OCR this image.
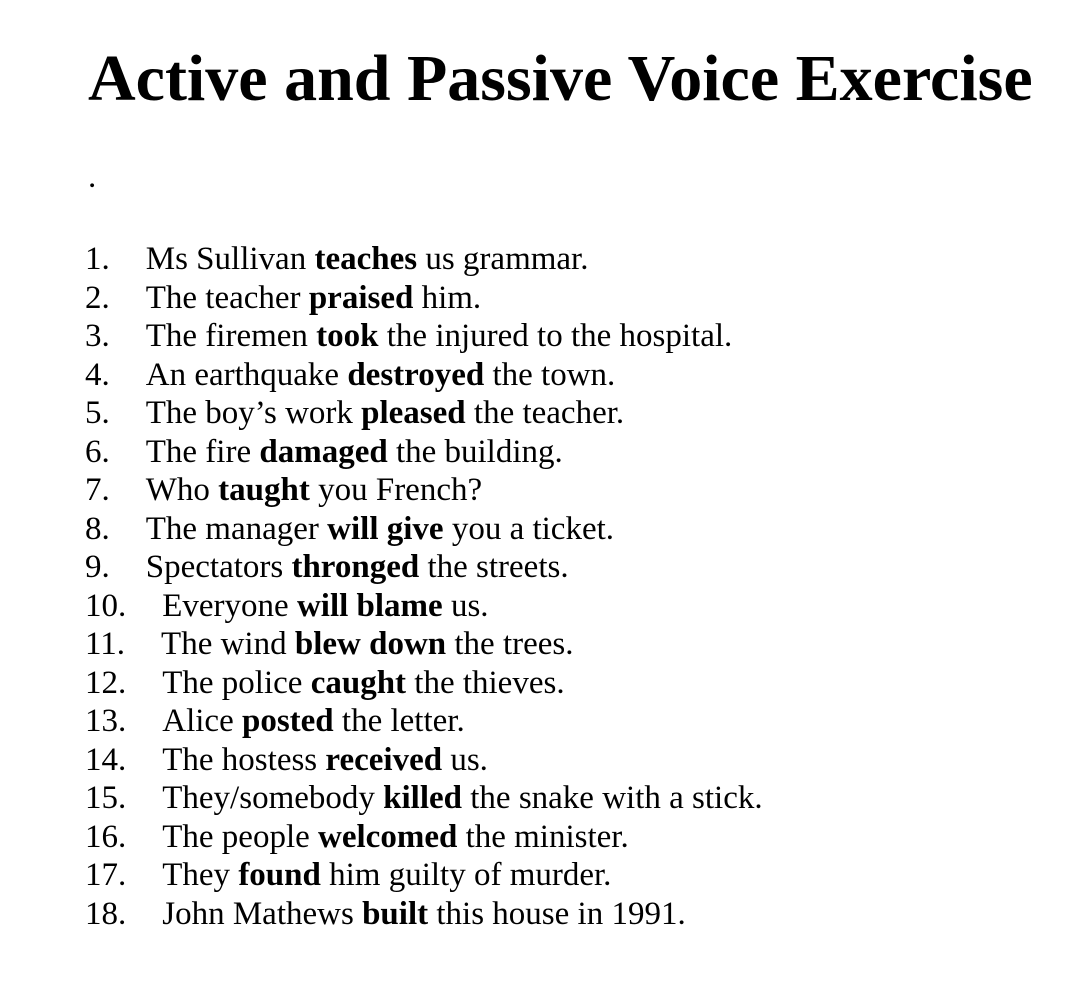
Active and Passive Voice Exercise
.
1. Ms Sullivan teaches us grammar.
2. The teacher praised him.
3. The firemen took the injured to the hospital.
4. An earthquake destroyed the town.
5. The boy’s work pleased the teacher.
6. The fire damaged the building.
7. Who taught you French?
8. The manager will give you a ticket.
9. Spectators thronged the streets.
10. Everyone will blame us.
11. The wind blew down the trees.
12. The police caught the thieves.
13. Alice posted the letter.
14. The hostess received us.
15. They/somebody killed the snake with a stick.
16. The people welcomed the minister.
17. They found him guilty of murder.
18. John Mathews built this house in 1991.
